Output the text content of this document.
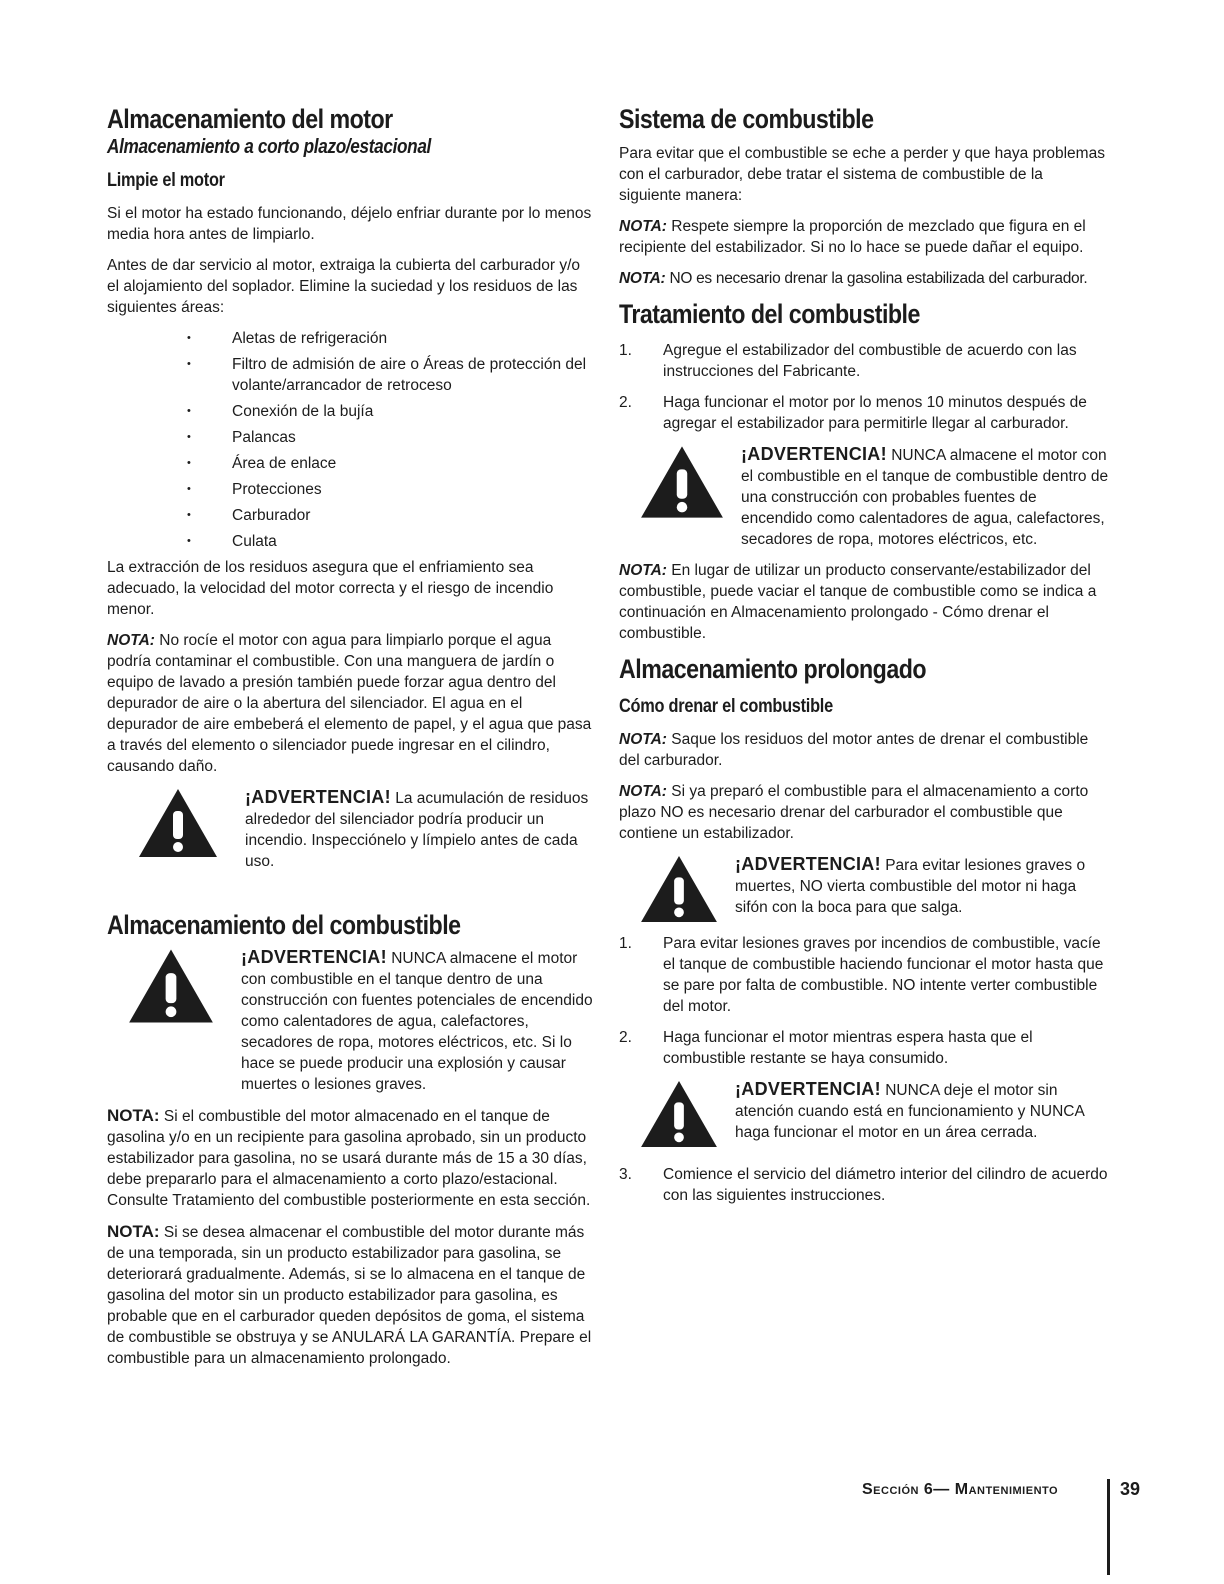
Almacenamiento del motor
Almacenamiento a corto plazo/estacional
Limpie el motor

Si el motor ha estado funcionando, déjelo enfriar durante por lo menos media hora antes de limpiarlo.

Antes de dar servicio al motor, extraiga la cubierta del carburador y/o el alojamiento del soplador. Elimine la suciedad y los residuos de las siguientes áreas:

• Aletas de refrigeración
• Filtro de admisión de aire o Áreas de protección del volante/arrancador de retroceso
• Conexión de la bujía
• Palancas
• Área de enlace
• Protecciones
• Carburador
• Culata

La extracción de los residuos asegura que el enfriamiento sea adecuado, la velocidad del motor correcta y el riesgo de incendio menor.

NOTA: No rocíe el motor con agua para limpiarlo porque el agua podría contaminar el combustible. Con una manguera de jardín o equipo de lavado a presión también puede forzar agua dentro del depurador de aire o la abertura del silenciador. El agua en el depurador de aire embeberá el elemento de papel, y el agua que pasa a través del elemento o silenciador puede ingresar en el cilindro, causando daño.

¡ADVERTENCIA! La acumulación de residuos alrededor del silenciador podría producir un incendio. Inspecciónelo y límpielo antes de cada uso.
Almacenamiento del combustible
¡ADVERTENCIA! NUNCA almacene el motor con combustible en el tanque dentro de una construcción con fuentes potenciales de encendido como calentadores de agua, calefactores, secadores de ropa, motores eléctricos, etc. Si lo hace se puede producir una explosión y causar muertes o lesiones graves.

NOTA: Si el combustible del motor almacenado en el tanque de gasolina y/o en un recipiente para gasolina aprobado, sin un producto estabilizador para gasolina, no se usará durante más de 15 a 30 días, debe prepararlo para el almacenamiento a corto plazo/estacional. Consulte Tratamiento del combustible posteriormente en esta sección.

NOTA: Si se desea almacenar el combustible del motor durante más de una temporada, sin un producto estabilizador para gasolina, se deteriorará gradualmente. Además, si se lo almacena en el tanque de gasolina del motor sin un producto estabilizador para gasolina, es probable que en el carburador queden depósitos de goma, el sistema de combustible se obstruya y se ANULARÁ LA GARANTÍA. Prepare el combustible para un almacenamiento prolongado.

Sistema de combustible

Para evitar que el combustible se eche a perder y que haya problemas con el carburador, debe tratar el sistema de combustible de la siguiente manera:

NOTA: Respete siempre la proporción de mezclado que figura en el recipiente del estabilizador. Si no lo hace se puede dañar el equipo.

NOTA: NO es necesario drenar la gasolina estabilizada del carburador.

Tratamiento del combustible
1.	Agregue el estabilizador del combustible de acuerdo con las instrucciones del Fabricante.
2.	Haga funcionar el motor por lo menos 10 minutos después de agregar el estabilizador para permitirle llegar al carburador.
¡ADVERTENCIA! NUNCA almacene el motor con el combustible en el tanque de combustible dentro de una construcción con probables fuentes de encendido como calentadores de agua, calefactores, secadores de ropa, motores eléctricos, etc.

NOTA: En lugar de utilizar un producto conservante/estabilizador del combustible, puede vaciar el tanque de combustible como se indica a continuación en Almacenamiento prolongado - Cómo drenar el combustible.

Almacenamiento prolongado
Cómo drenar el combustible

NOTA: Saque los residuos del motor antes de drenar el combustible del carburador.

NOTA: Si ya preparó el combustible para el almacenamiento a corto plazo NO es necesario drenar del carburador el combustible que contiene un estabilizador.

¡ADVERTENCIA! Para evitar lesiones graves o muertes, NO vierta combustible del motor ni haga sifón con la boca para que salga.
1.	Para evitar lesiones graves por incendios de combustible, vacíe el tanque de combustible haciendo funcionar el motor hasta que se pare por falta de combustible. NO intente verter combustible del motor.
2.	Haga funcionar el motor mientras espera hasta que el combustible restante se haya consumido.
¡ADVERTENCIA! NUNCA deje el motor sin atención cuando está en funcionamiento y NUNCA haga funcionar el motor en un área cerrada.
3.	Comience el servicio del diámetro interior del cilindro de acuerdo con las siguientes instrucciones.
Sección 6— Mantenimiento	39
